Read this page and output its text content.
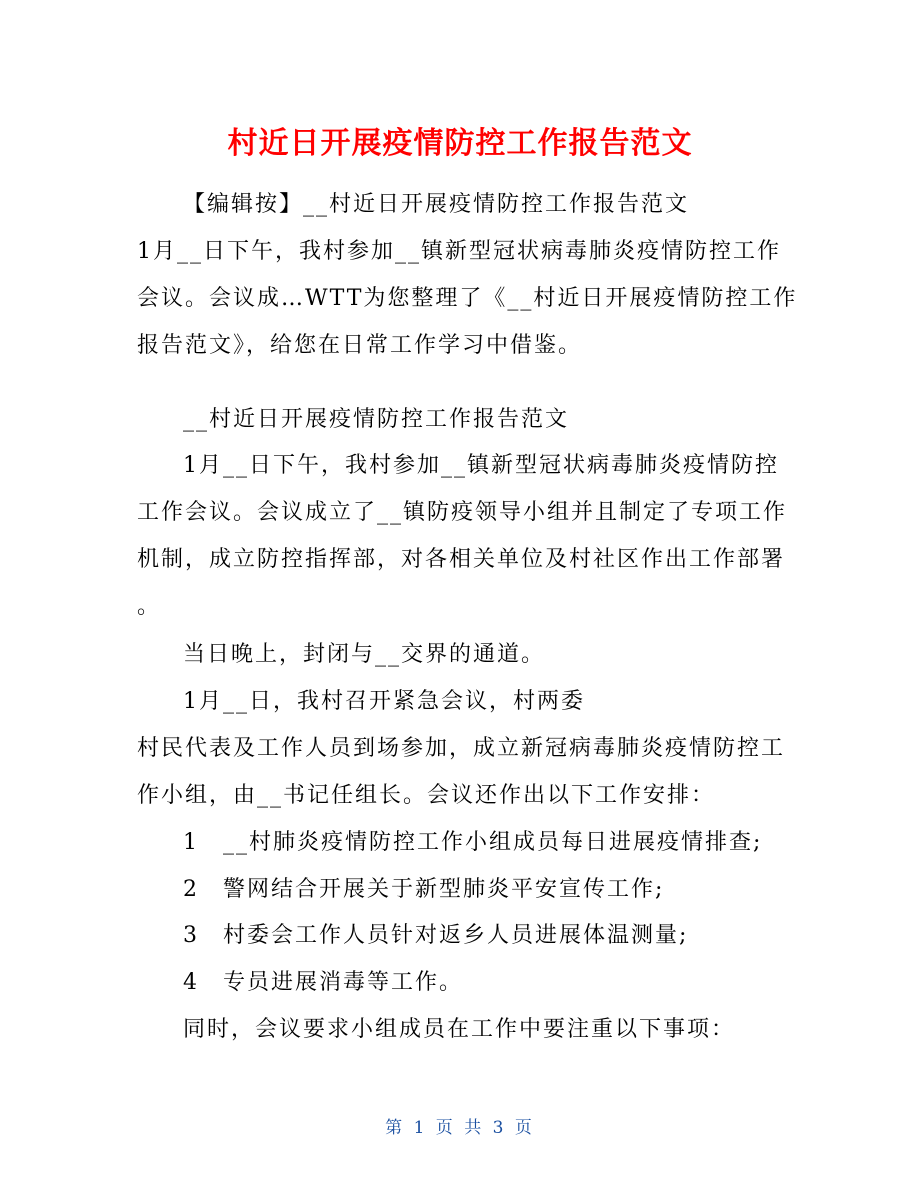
村近日开展疫情防控工作报告范文
【编辑按】__村近日开展疫情防控工作报告范文
1月__日下午，我村参加__镇新型冠状病毒肺炎疫情防控工作
会议。会议成…WTT为您整理了《__村近日开展疫情防控工作
报告范文》，给您在日常工作学习中借鉴。
__村近日开展疫情防控工作报告范文
1月__日下午，我村参加__镇新型冠状病毒肺炎疫情防控
工作会议。会议成立了__镇防疫领导小组并且制定了专项工作
机制，成立防控指挥部，对各相关单位及村社区作出工作部署
。
当日晚上，封闭与__交界的通道。
1月__日，我村召开紧急会议，村两委
村民代表及工作人员到场参加，成立新冠病毒肺炎疫情防控工
作小组，由__书记任组长。会议还作出以下工作安排：
1　__村肺炎疫情防控工作小组成员每日进展疫情排查;
2　警网结合开展关于新型肺炎平安宣传工作;
3　村委会工作人员针对返乡人员进展体温测量;
4　专员进展消毒等工作。
同时，会议要求小组成员在工作中要注重以下事项：
第 1 页 共 3 页
